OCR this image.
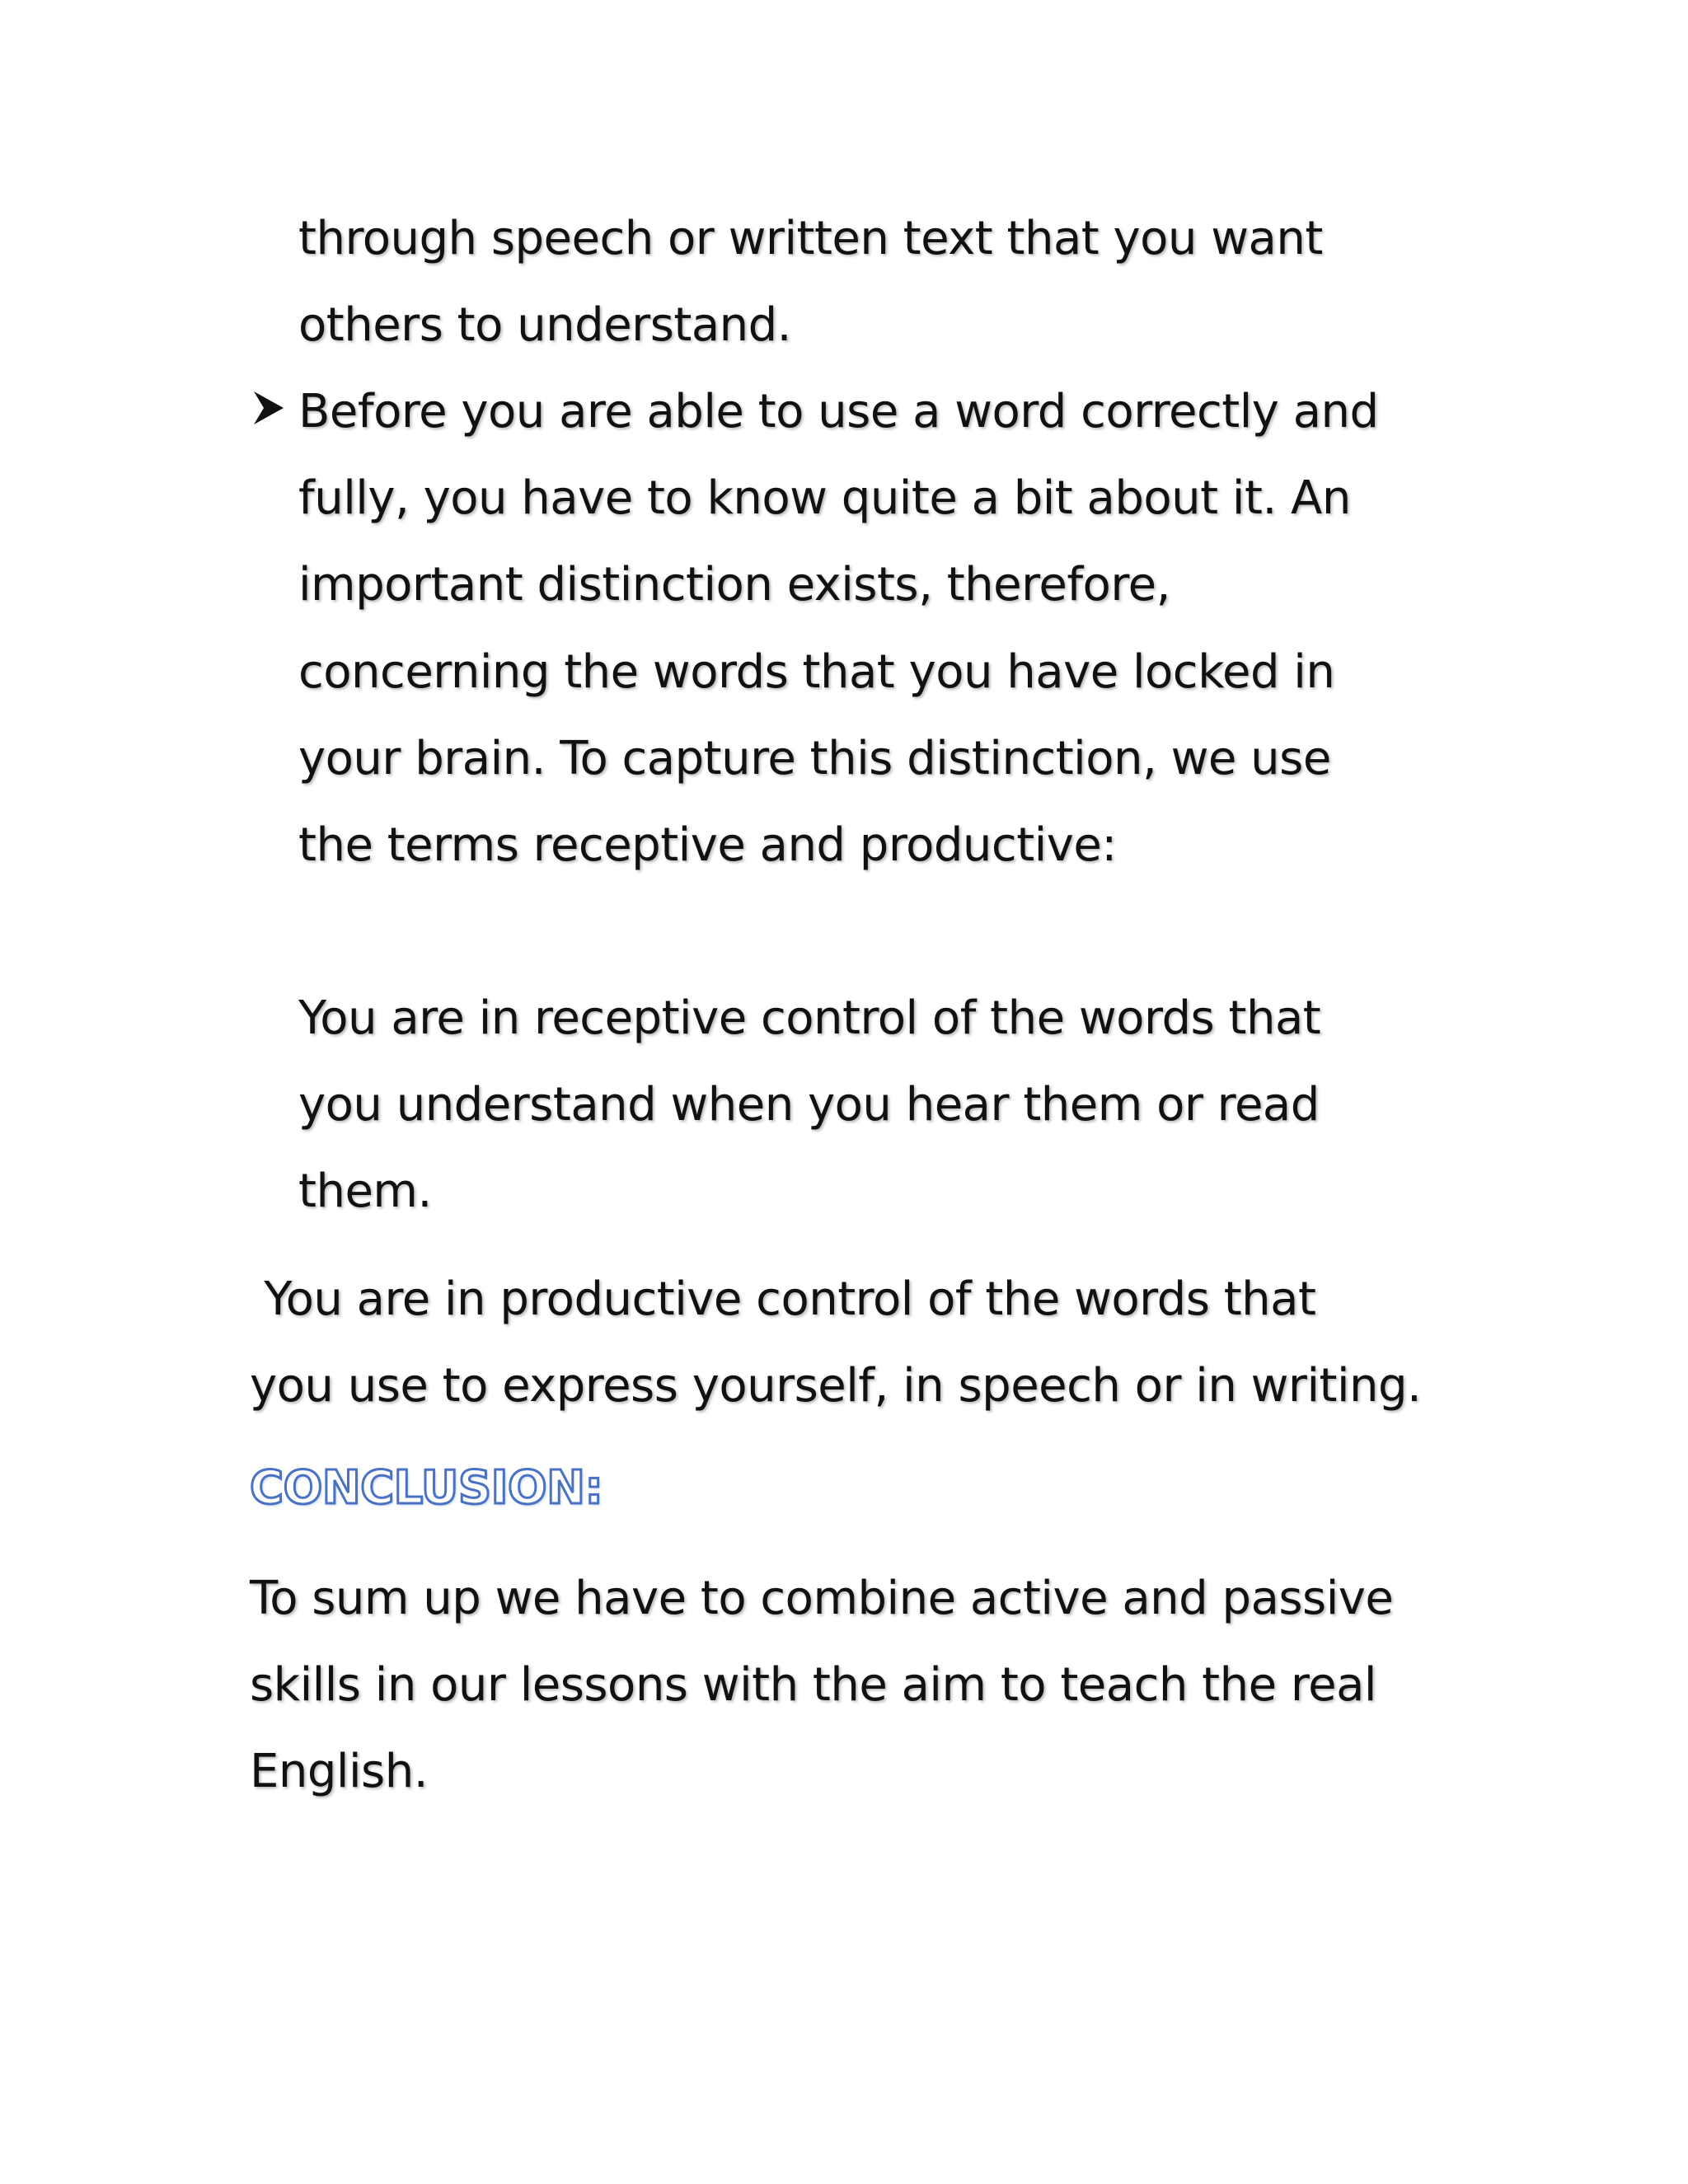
through speech or written text that you want
others to understand.
Before you are able to use a word correctly and
fully, you have to know quite a bit about it. An
important distinction exists, therefore,
concerning the words that you have locked in
your brain. To capture this distinction, we use
the terms receptive and productive:
You are in receptive control of the words that
you understand when you hear them or read
them.
You are in productive control of the words that
you use to express yourself, in speech or in writing.
CONCLUSION:
To sum up we have to combine active and passive
skills in our lessons with the aim to teach the real
English.
